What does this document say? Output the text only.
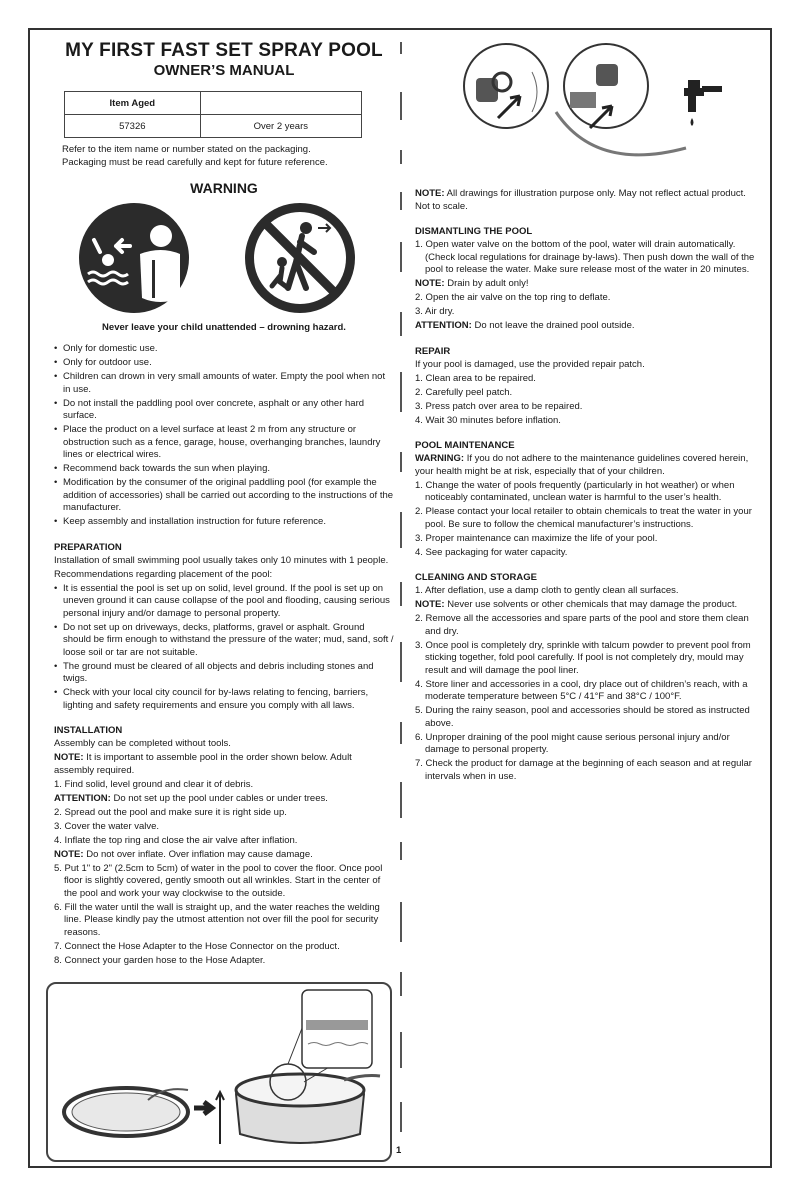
MY FIRST FAST SET SPRAY POOL
OWNER’S MANUAL
Item Aged	
57326	Over 2 years

Refer to the item name or number stated on the packaging.

Packaging must be read carefully and kept for future reference.

WARNING
Never leave your child unattended – drowning hazard.
• Only for domestic use.
• Only for outdoor use.
• Children can drown in very small amounts of water. Empty the pool when not in use.
• Do not install the paddling pool over concrete, asphalt or any other hard surface.
• Place the product on a level surface at least 2 m from any structure or obstruction such as a fence, garage, house, overhanging branches, laundry lines or electrical wires.
• Recommend back towards the sun when playing.
• Modification by the consumer of the original paddling pool (for example the addition of accessories) shall be carried out according to the instructions of the manufacturer.
• Keep assembly and installation instruction for future reference.
PREPARATION

Installation of small swimming pool usually takes only 10 minutes with 1 people.

Recommendations regarding placement of the pool:

• It is essential the pool is set up on solid, level ground. If the pool is set up on uneven ground it can cause collapse of the pool and flooding, causing serious personal injury and/or damage to personal property.
• Do not set up on driveways, decks, platforms, gravel or asphalt. Ground should be firm enough to withstand the pressure of the water; mud, sand, soft / loose soil or tar are not suitable.
• The ground must be cleared of all objects and debris including stones and twigs.
• Check with your local city council for by-laws relating to fencing, barriers, lighting and safety requirements and ensure you comply with all laws.
INSTALLATION

Assembly can be completed without tools.

NOTE: It is important to assemble pool in the order shown below. Adult assembly required.

1. Find solid, level ground and clear it of debris.

ATTENTION: Do not set up the pool under cables or under trees.

2. Spread out the pool and make sure it is right side up.
3. Cover the water valve.
4. Inflate the top ring and close the air valve after inflation.

NOTE: Do not over inflate. Over inflation may cause damage.

5. Put 1" to 2" (2.5cm to 5cm) of water in the pool to cover the floor. Once pool floor is slightly covered, gently smooth out all wrinkles. Start in the center of the pool and work your way clockwise to the outside.
6. Fill the water until the wall is straight up, and the water reaches the welding line. Please kindly pay the utmost attention not over fill the pool for security reasons.
7. Connect the Hose Adapter to the Hose Connector on the product.
8. Connect your garden hose to the Hose Adapter.

NOTE: All drawings for illustration purpose only. May not reflect actual product. Not to scale.

DISMANTLING THE POOL
1. Open water valve on the bottom of the pool, water will drain automatically. (Check local regulations for drainage by-laws). Then push down the wall of the pool to release the water. Make sure release most of the water in 20 minutes.

NOTE: Drain by adult only!

2. Open the air valve on the top ring to deflate.
3. Air dry.

ATTENTION: Do not leave the drained pool outside.

REPAIR

If your pool is damaged, use the provided repair patch.

1. Clean area to be repaired.
2. Carefully peel patch.
3. Press patch over area to be repaired.
4. Wait 30 minutes before inflation.
POOL MAINTENANCE

WARNING: If you do not adhere to the maintenance guidelines covered herein, your health might be at risk, especially that of your children.

1. Change the water of pools frequently (particularly in hot weather) or when noticeably contaminated, unclean water is harmful to the user’s health.
2. Please contact your local retailer to obtain chemicals to treat the water in your pool. Be sure to follow the chemical manufacturer’s instructions.
3. Proper maintenance can maximize the life of your pool.
4. See packaging for water capacity.
CLEANING AND STORAGE

1. After deflation, use a damp cloth to gently clean all surfaces.

NOTE: Never use solvents or other chemicals that may damage the product.

2. Remove all the accessories and spare parts of the pool and store them clean and dry.
3. Once pool is completely dry, sprinkle with talcum powder to prevent pool from sticking together, fold pool carefully. If pool is not completely dry, mould may result and will damage the pool liner.
4. Store liner and accessories in a cool, dry place out of children’s reach, with a moderate temperature between 5°C / 41°F and 38°C / 100°F.
5. During the rainy season, pool and accessories should be stored as instructed above.
6. Unproper draining of the pool might cause serious personal injury and/or damage to personal property.
7. Check the product for damage at the beginning of each season and at regular intervals when in use.
1
